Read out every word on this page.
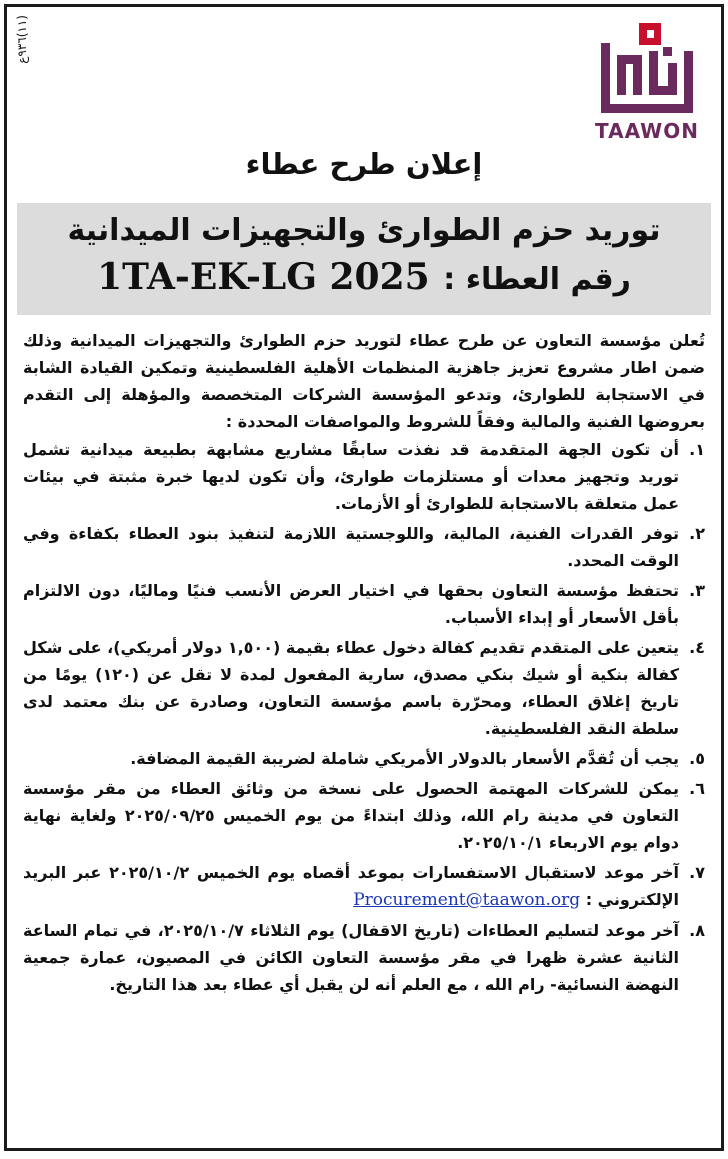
(١١)٩٣٦ع
TAAWON
إعلان طرح عطاء
توريد حزم الطوارئ والتجهيزات الميدانية
رقم العطاء : 1TA-EK-LG 2025

تُعلن مؤسسة التعاون عن طرح عطاء لتوريد حزم الطوارئ والتجهيزات الميدانية وذلك ضمن اطار مشروع تعزيز جاهزية المنظمات الأهلية الفلسطينية وتمكين القيادة الشابة في الاستجابة للطوارئ، وتدعو المؤسسة الشركات المتخصصة والمؤهلة إلى التقدم بعروضها الفنية والمالية وفقاً للشروط والمواصفات المحددة :

١.
أن تكون الجهة المتقدمة قد نفذت سابقًا مشاريع مشابهة بطبيعة ميدانية تشمل توريد وتجهيز معدات أو مستلزمات طوارئ، وأن تكون لديها خبرة مثبتة في بيئات عمل متعلقة بالاستجابة للطوارئ أو الأزمات.
٢.
توفر القدرات الفنية، المالية، واللوجستية اللازمة لتنفيذ بنود العطاء بكفاءة وفي الوقت المحدد.
٣.
تحتفظ مؤسسة التعاون بحقها في اختيار العرض الأنسب فنيًا وماليًا، دون الالتزام بأقل الأسعار أو إبداء الأسباب.
٤.
يتعين على المتقدم تقديم كفالة دخول عطاء بقيمة (١,٥٠٠ دولار أمريكي)، على شكل كفالة بنكية أو شيك بنكي مصدق، سارية المفعول لمدة لا تقل عن (١٢٠) يومًا من تاريخ إغلاق العطاء، ومحرّرة باسم مؤسسة التعاون، وصادرة عن بنك معتمد لدى سلطة النقد الفلسطينية.
٥.
يجب أن تُقدَّم الأسعار بالدولار الأمريكي شاملة لضريبة القيمة المضافة.
٦.
يمكن للشركات المهتمة الحصول على نسخة من وثائق العطاء من مقر مؤسسة التعاون في مدينة رام الله، وذلك ابتداءً من يوم الخميس ٢٠٢٥/٠٩/٢٥ ولغاية نهاية دوام يوم الاربعاء ٢٠٢٥/١٠/١.
٧.
آخر موعد لاستقبال الاستفسارات بموعد أقصاه يوم الخميس ٢٠٢٥/١٠/٢ عبر البريد الإلكتروني : Procurement@taawon.org
٨.
آخر موعد لتسليم العطاءات (تاريخ الاقفال) يوم الثلاثاء ٢٠٢٥/١٠/٧، في تمام الساعة الثانية عشرة ظهرا في مقر مؤسسة التعاون الكائن في المصيون، عمارة جمعية النهضة النسائية- رام الله ، مع العلم أنه لن يقبل أي عطاء بعد هذا التاريخ.
